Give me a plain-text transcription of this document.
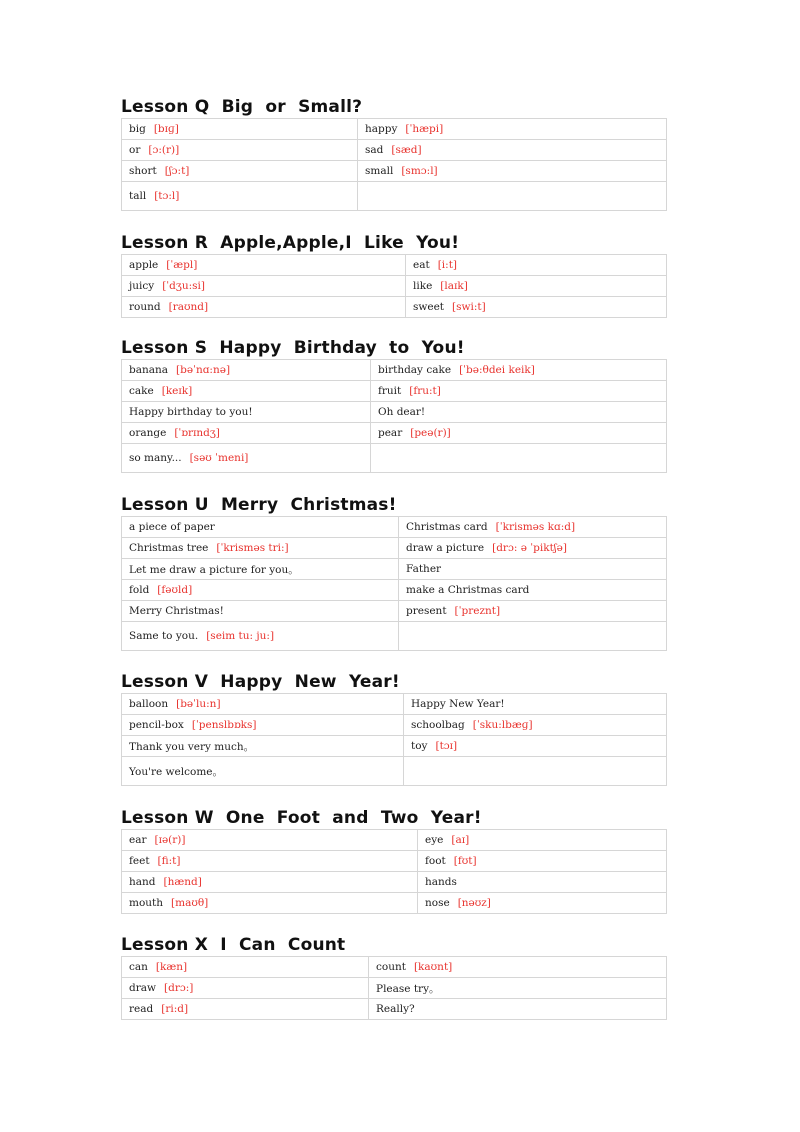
Lesson Q  Big  or  Small?
big [bɪɡ]	happy [ˈhæpi]
or [ɔ:(r)]	sad [sæd]
short [ʃɔ:t]	small [smɔ:l]
tall [tɔ:l]	
Lesson R  Apple,Apple,I  Like  You!
apple [ˈæpl]	eat [i:t]
juicy [ˈdʒu:si]	like [laɪk]
round [raʊnd]	sweet [swi:t]
Lesson S  Happy  Birthday  to  You!
banana [bəˈnɑ:nə]	birthday cake [ˈbə:θdei keik]
cake [keɪk]	fruit [fru:t]
Happy birthday to you!	Oh dear!
orange [ˈɒrɪndʒ]	pear [peə(r)]
so many... [səʊ ˈmeni]	
Lesson U  Merry  Christmas!
a piece of paper	Christmas card [ˈkrisməs kɑ:d]
Christmas tree [ˈkrisməs tri:]	draw a picture [drɔ: ə ˈpiktʃə]
Let me draw a picture for you。	Father
fold [fəʊld]	make a Christmas card
Merry Christmas!	present [ˈpreznt]
Same to you. [seim tu: ju:]	
Lesson V  Happy  New  Year!
balloon [bəˈlu:n]	Happy New Year!
pencil-box [ˈpenslbɒks]	schoolbag [ˈsku:lbæɡ]
Thank you very much。	toy [tɔɪ]
You're welcome。	
Lesson W  One  Foot  and  Two  Year!
ear [ɪə(r)]	eye [aɪ]
feet [fi:t]	foot [fʊt]
hand [hænd]	hands
mouth [maʊθ]	nose [nəʊz]
Lesson X  I  Can  Count
can [kæn]	count [kaʊnt]
draw [drɔ:]	Please try。
read [ri:d]	Really?
